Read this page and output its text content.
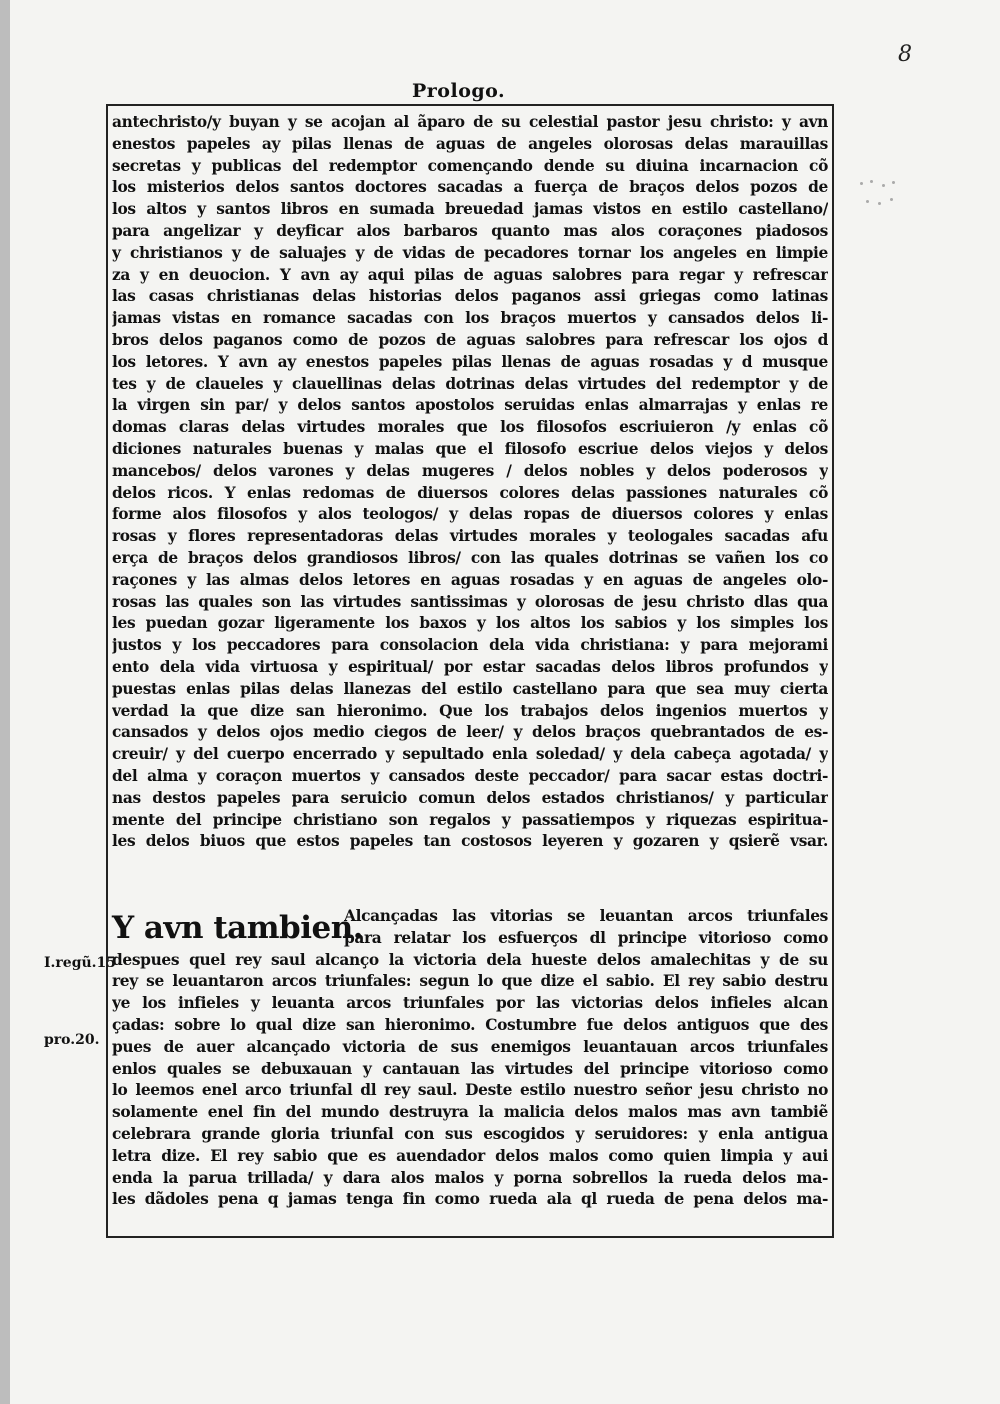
8
Prologo.
antechristo/y buyan y se acojan al ãparo de su celestial pastor jesu christo: y avn
enestos papeles ay pilas llenas de aguas de angeles olorosas delas marauillas
secretas y publicas del redemptor començando dende su diuina incarnacion cõ
los misterios delos santos doctores sacadas a fuerça de braços delos pozos de
los altos y santos libros en sumada breuedad jamas vistos en estilo castellano/
para angelizar y deyficar alos barbaros quanto mas alos coraçones piadosos
y christianos y de saluajes y de vidas de pecadores tornar los angeles en limpie
za y en deuocion. Y avn ay aqui pilas de aguas salobres para regar y refrescar
las casas christianas delas historias delos paganos assi griegas como latinas
jamas vistas en romance sacadas con los braços muertos y cansados delos li-
bros delos paganos como de pozos de aguas salobres para refrescar los ojos d
los letores. Y avn ay enestos papeles pilas llenas de aguas rosadas y d musque
tes y de claueles y clauellinas delas dotrinas delas virtudes del redemptor y de
la virgen sin par/ y delos santos apostolos seruidas enlas almarrajas y enlas re
domas claras delas virtudes morales que los filosofos escriuieron /y enlas cõ
diciones naturales buenas y malas que el filosofo escriue delos viejos y delos
mancebos/ delos varones y delas mugeres / delos nobles y delos poderosos y
delos ricos. Y enlas redomas de diuersos colores delas passiones naturales cõ
forme alos filosofos y alos teologos/ y delas ropas de diuersos colores y enlas
rosas y flores representadoras delas virtudes morales y teologales sacadas afu
erça de braços delos grandiosos libros/ con las quales dotrinas se vañen los co
raçones y las almas delos letores en aguas rosadas y en aguas de angeles olo-
rosas las quales son las virtudes santissimas y olorosas de jesu christo dlas qua
les puedan gozar ligeramente los baxos y los altos los sabios y los simples los
justos y los peccadores para consolacion dela vida christiana: y para mejorami
ento dela vida virtuosa y espiritual/ por estar sacadas delos libros profundos y
puestas enlas pilas delas llanezas del estilo castellano para que sea muy cierta
verdad la que dize san hieronimo. Que los trabajos delos ingenios muertos y
cansados y delos ojos medio ciegos de leer/ y delos braços quebrantados de es-
creuir/ y del cuerpo encerrado y sepultado enla soledad/ y dela cabeça agotada/ y
del alma y coraçon muertos y cansados deste peccador/ para sacar estas doctri-
nas destos papeles para seruicio comun delos estados christianos/ y particular
mente del principe christiano son regalos y passatiempos y riquezas espiritua-
les delos biuos que estos papeles tan costosos leyeren y gozaren y qsierẽ vsar.
Y avn tambien.
Alcançadas las vitorias se leuantan arcos triunfales
para relatar los esfuerços dl principe vitorioso como
despues quel rey saul alcanço la victoria dela hueste delos amalechitas y de su
rey se leuantaron arcos triunfales: segun lo que dize el sabio. El rey sabio destru
ye los infieles y leuanta arcos triunfales por las victorias delos infieles alcan
çadas: sobre lo qual dize san hieronimo. Costumbre fue delos antiguos que des
pues de auer alcançado victoria de sus enemigos leuantauan arcos triunfales
enlos quales se debuxauan y cantauan las virtudes del principe vitorioso como
lo leemos enel arco triunfal dl rey saul. Deste estilo nuestro señor jesu christo no
solamente enel fin del mundo destruyra la malicia delos malos mas avn tambiẽ
celebrara grande gloria triunfal con sus escogidos y seruidores: y enla antigua
letra dize. El rey sabio que es auendador delos malos como quien limpia y aui
enda la parua trillada/ y dara alos malos y porna sobrellos la rueda delos ma-
les dãdoles pena q jamas tenga fin como rueda ala ql rueda de pena delos ma-
I.regũ.15
pro.20.
